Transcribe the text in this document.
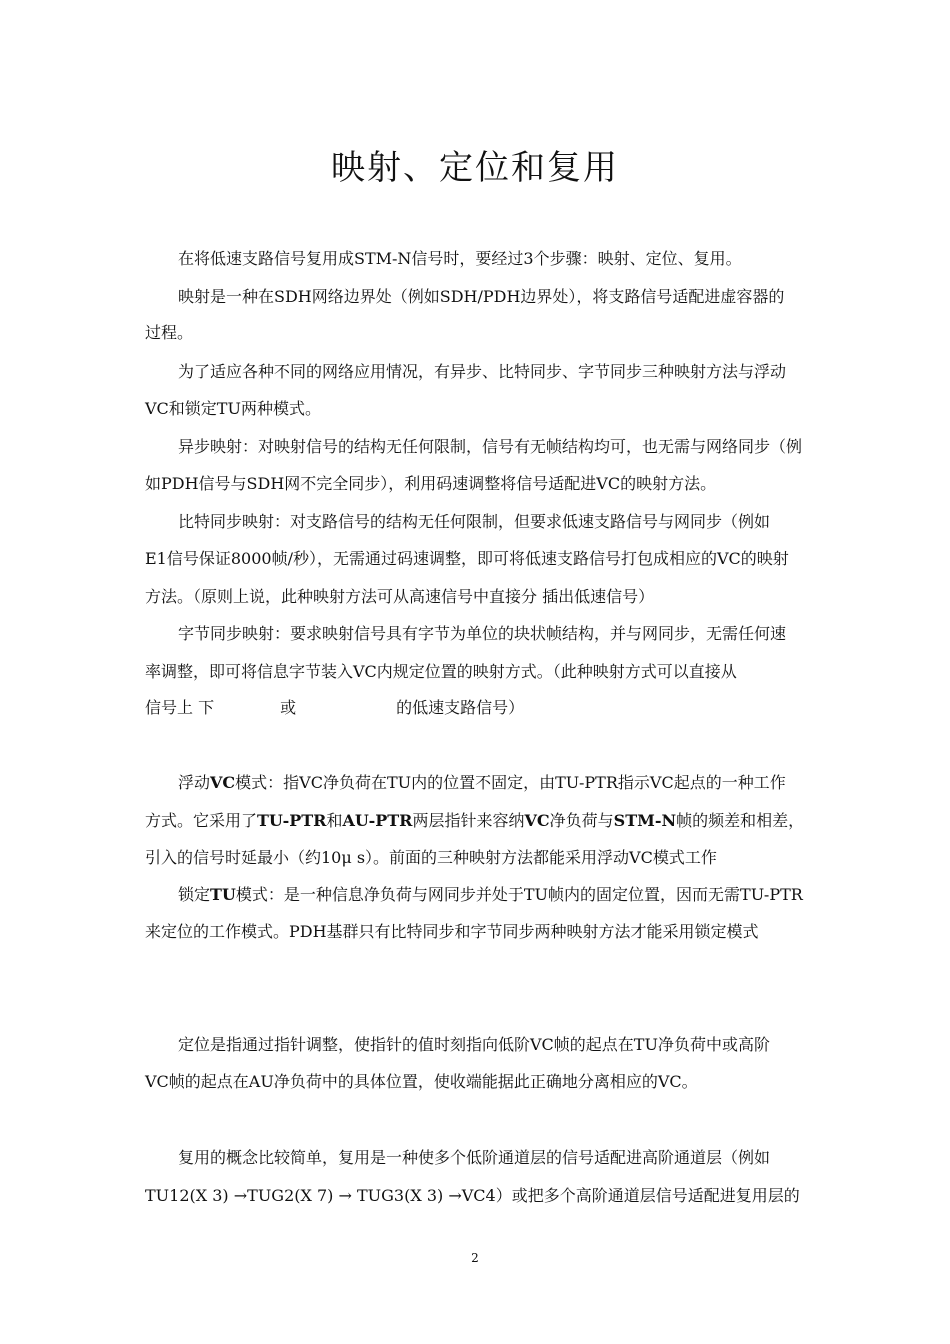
映射、定位和复用
在将低速支路信号复用成STM-N信号时，要经过3个步骤：映射、定位、复用。
映射是一种在SDH网络边界处（例如SDH/PDH边界处），将支路信号适配进虚容器的
过程。
为了适应各种不同的网络应用情况，有异步、比特同步、字节同步三种映射方法与浮动
VC和锁定TU两种模式。
异步映射：对映射信号的结构无任何限制，信号有无帧结构均可，也无需与网络同步（例
如PDH信号与SDH网不完全同步），利用码速调整将信号适配进VC的映射方法。
比特同步映射：对支路信号的结构无任何限制，但要求低速支路信号与网同步（例如
E1信号保证8000帧/秒），无需通过码速调整，即可将低速支路信号打包成相应的VC的映射
方法。（原则上说，此种映射方法可从高速信号中直接分 插出低速信号）
字节同步映射：要求映射信号具有字节为单位的块状帧结构，并与网同步，无需任何速
率调整，即可将信息字节装入VC内规定位置的映射方式。（此种映射方式可以直接从
信号上 下	或	的低速支路信号）
浮动VC模式：指VC净负荷在TU内的位置不固定，由TU-PTR指示VC起点的一种工作
方式。它采用了TU-PTR和AU-PTR两层指针来容纳VC净负荷与STM-N帧的频差和相差，
引入的信号时延最小（约10μ s）。前面的三种映射方法都能采用浮动VC模式工作
锁定TU模式：是一种信息净负荷与网同步并处于TU帧内的固定位置，因而无需TU-PTR
来定位的工作模式。PDH基群只有比特同步和字节同步两种映射方法才能采用锁定模式
定位是指通过指针调整，使指针的值时刻指向低阶VC帧的起点在TU净负荷中或高阶
VC帧的起点在AU净负荷中的具体位置，使收端能据此正确地分离相应的VC。
复用的概念比较简单，复用是一种使多个低阶通道层的信号适配进高阶通道层（例如
TU12(X 3) →TUG2(X 7) → TUG3(X 3) →VC4）或把多个高阶通道层信号适配进复用层的
2
